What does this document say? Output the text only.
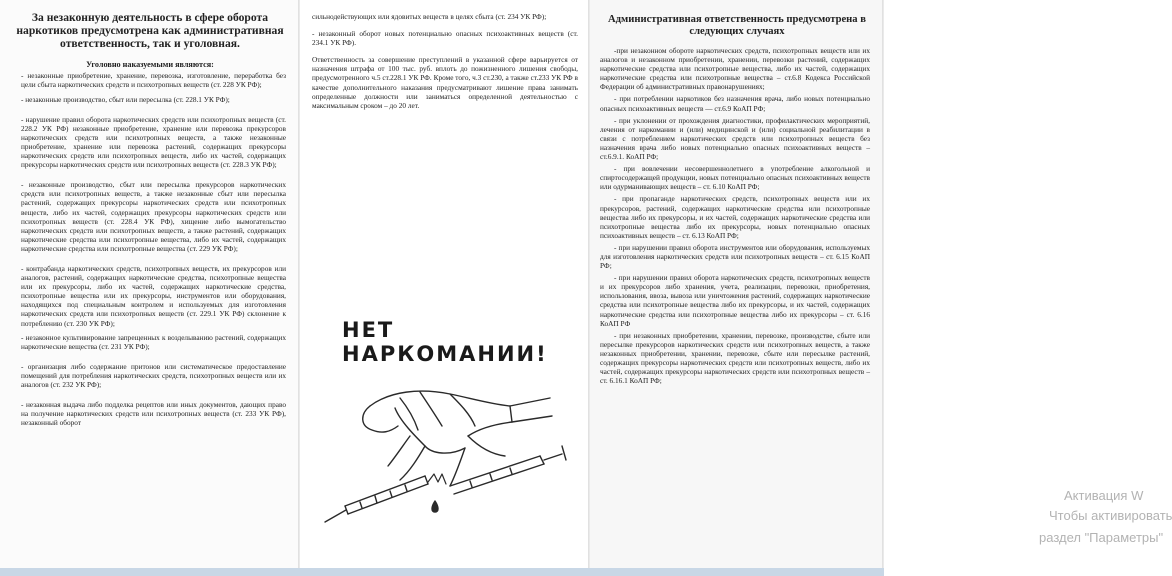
За незаконную деятельность в сфере оборота наркотиков предусмотрена как административная ответственность, так и уголовная.

Уголовно наказуемыми являются:

- незаконные приобретение, хранение, перевозка, изготовление, переработка без цели сбыта наркотических средств и психотропных веществ (ст. 228 УК РФ);

- незаконные производство, сбыт или пересылка (ст. 228.1 УК РФ);

- нарушение правил оборота наркотических средств или психотропных веществ (ст. 228.2 УК РФ) незаконные приобретение, хранение или перевозка прекурсоров наркотических средств или психотропных веществ, а также незаконные приобретение, хранение или перевозка растений, содержащих прекурсоры наркотических средств или психотропных веществ, либо их частей, содержащих прекурсоры наркотических средств или психотропных веществ (ст. 228.3 УК РФ);

- незаконные производство, сбыт или пересылка прекурсоров наркотических средств или психотропных веществ, а также незаконные сбыт или пересылка растений, содержащих прекурсоры наркотических средств или психотропных веществ, либо их частей, содержащих прекурсоры наркотических средств или психотропных веществ (ст. 228.4 УК РФ), хищение либо вымогательство наркотических средств или психотропных веществ, а также растений, содержащих наркотические средства или психотропные вещества, либо их частей, содержащих наркотические средства или психотропные вещества (ст. 229 УК РФ);

- контрабанда наркотических средств, психотропных веществ, их прекурсоров или аналогов, растений, содержащих наркотические средства, психотропные вещества или их прекурсоры, либо их частей, содержащих наркотические средства, психотропные вещества или их прекурсоры, инструментов или оборудования, находящихся под специальным контролем и используемых для изготовления наркотических средств или психотропных веществ (ст. 229.1 УК РФ) склонение к потреблению (ст. 230 УК РФ);

- незаконное культивирование запрещенных к возделыванию растений, содержащих наркотические вещества (ст. 231 УК РФ);

- организация либо содержание притонов или систематическое предоставление помещений для потребления наркотических средств, психотропных веществ или их аналогов (ст. 232 УК РФ);

- незаконная выдача либо подделка рецептов или иных документов, дающих право на получение наркотических средств или психотропных веществ (ст. 233 УК РФ), незаконный оборот

сильнодействующих или ядовитых веществ в целях сбыта (ст. 234 УК РФ);

- незаконный оборот новых потенциально опасных психоактивных веществ (ст. 234.1 УК РФ).

Ответственность за совершение преступлений в указанной сфере варьируется от назначения штрафа от 100 тыс. руб. вплоть до пожизненного лишения свободы, предусмотренного ч.5 ст.228.1 УК РФ. Кроме того, ч.3 ст.230, а также ст.233 УК РФ в качестве дополнительного наказания предусматривают лишение права занимать определенные должности или заниматься определенной деятельностью с максимальным сроком – до 20 лет.

НЕТ НАРКОМАНИИ!

Административная ответственность предусмотрена в следующих случаях

-при незаконном обороте наркотических средств, психотропных веществ или их аналогов и незаконном приобретении, хранении, перевозки растений, содержащих наркотические средства или психотропные вещества, либо их частей, содержащих наркотические средства или психотропные вещества – ст.6.8 Кодекса Российской Федерации об административных правонарушениях;

- при потреблении наркотиков без назначения врача, либо новых потенциально опасных психоактивных веществ — ст.6.9 КоАП РФ;

- при уклонении от прохождения диагностики, профилактических мероприятий, лечения от наркомании и (или) медицинской и (или) социальной реабилитации в связи с потреблением наркотических средств или психотропных веществ без назначения врача либо новых потенциально опасных психоактивных веществ – ст.6.9.1. КоАП РФ;

- при вовлечении несовершеннолетнего в употребление алкогольной и спиртосодержащей продукции, новых потенциально опасных психоактивных веществ или одурманивающих веществ – ст. 6.10 КоАП РФ;

- при пропаганде наркотических средств, психотропных веществ или их прекурсоров, растений, содержащих наркотические средства или психотропные вещества либо их прекурсоры, и их частей, содержащих наркотические средства или психотропные вещества либо их прекурсоры, новых потенциально опасных психоактивных веществ – ст. 6.13 КоАП РФ;

- при нарушении правил оборота инструментов или оборудования, используемых для изготовления наркотических средств или психотропных веществ – ст. 6.15 КоАП РФ;

- при нарушении правил оборота наркотических средств, психотропных веществ и их прекурсоров либо хранения, учета, реализации, перевозки, приобретения, использования, ввоза, вывоза или уничтожения растений, содержащих наркотические средства или психотропные вещества либо их прекурсоры, и их частей, содержащих наркотические средства или психотропные вещества либо их прекурсоры – ст. 6.16 КоАП РФ

- при незаконных приобретении, хранении, перевозке, производстве, сбыте или пересылке прекурсоров наркотических средств или психотропных веществ, а также незаконных приобретении, хранении, перевозке, сбыте или пересылке растений, содержащих прекурсоры наркотических средств или психотропных веществ, либо их частей, содержащих прекурсоры наркотических средств или психотропных веществ – ст. 6.16.1 КоАП РФ;

Активация W
Чтобы активировать
раздел "Параметры"
